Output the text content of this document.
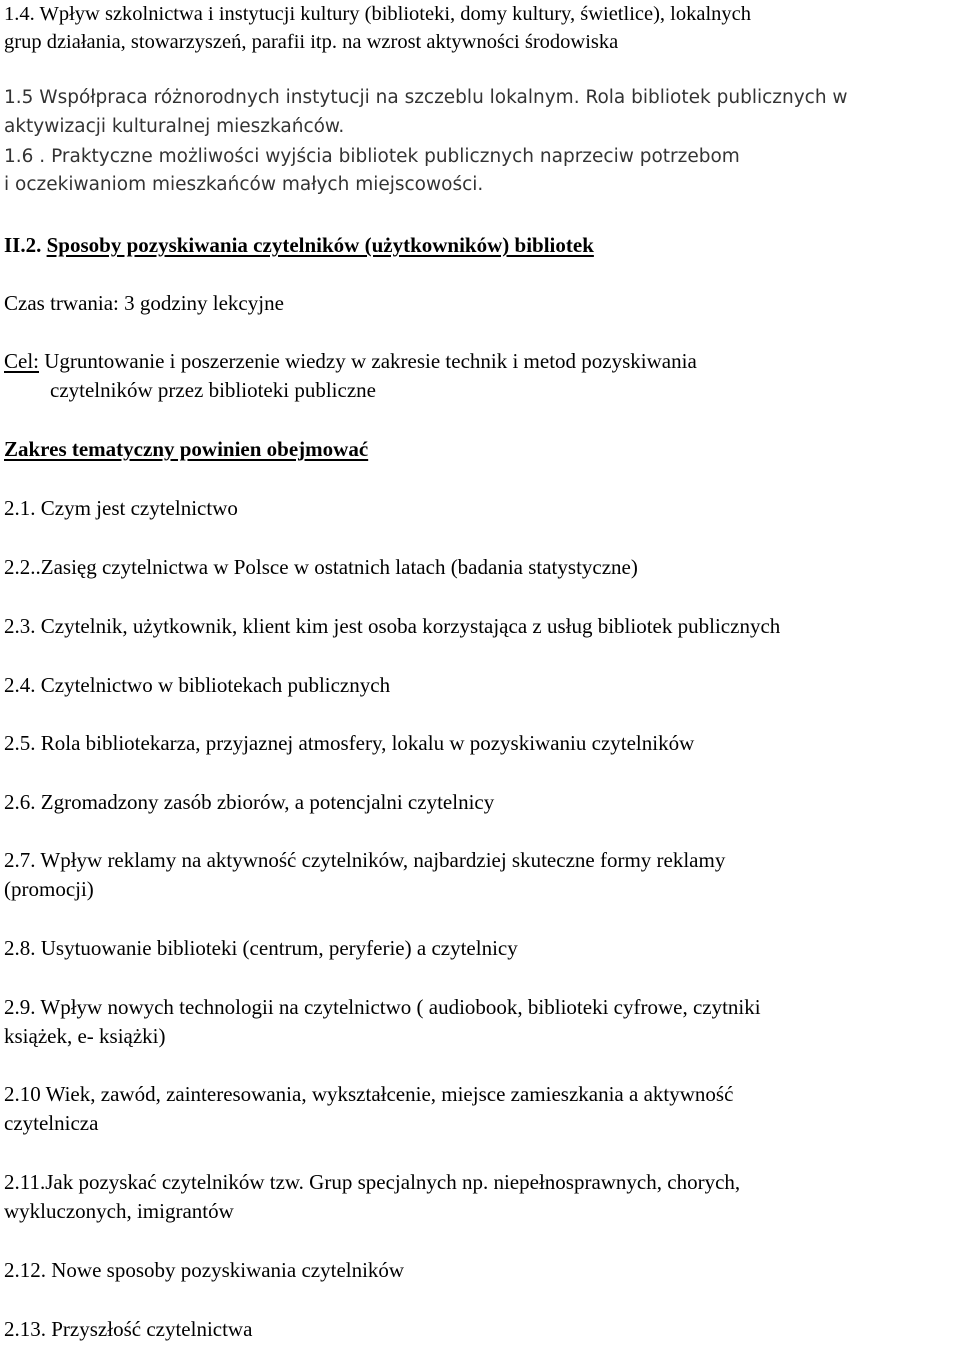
1.4. Wpływ szkolnictwa i instytucji kultury (biblioteki, domy kultury, świetlice), lokalnych
grup działania, stowarzyszeń, parafii itp. na wzrost aktywności środowiska
1.5 Współpraca różnorodnych instytucji na szczeblu lokalnym. Rola bibliotek publicznych w
aktywizacji kulturalnej mieszkańców.
1.6 . Praktyczne możliwości wyjścia bibliotek publicznych naprzeciw potrzebom
i oczekiwaniom mieszkańców małych miejscowości.
II.2. Sposoby pozyskiwania czytelników (użytkowników) bibliotek
Czas trwania: 3 godziny lekcyjne
Cel: Ugruntowanie i poszerzenie wiedzy w zakresie technik i metod pozyskiwania
czytelników przez biblioteki publiczne
Zakres tematyczny powinien obejmować
2.1. Czym jest czytelnictwo
2.2..Zasięg czytelnictwa w Polsce w ostatnich latach (badania statystyczne)
2.3. Czytelnik, użytkownik, klient kim jest osoba korzystająca z usług bibliotek publicznych
2.4. Czytelnictwo w bibliotekach publicznych
2.5. Rola bibliotekarza, przyjaznej atmosfery, lokalu w pozyskiwaniu czytelników
2.6. Zgromadzony zasób zbiorów, a potencjalni czytelnicy
2.7. Wpływ reklamy na aktywność czytelników, najbardziej skuteczne formy reklamy
(promocji)
2.8. Usytuowanie biblioteki (centrum, peryferie) a czytelnicy
2.9. Wpływ nowych technologii na czytelnictwo ( audiobook, biblioteki cyfrowe, czytniki
książek, e- książki)
2.10 Wiek, zawód, zainteresowania, wykształcenie, miejsce zamieszkania a aktywność
czytelnicza
2.11.Jak pozyskać czytelników tzw. Grup specjalnych np. niepełnosprawnych, chorych,
wykluczonych, imigrantów
2.12. Nowe sposoby pozyskiwania czytelników
2.13. Przyszłość czytelnictwa
